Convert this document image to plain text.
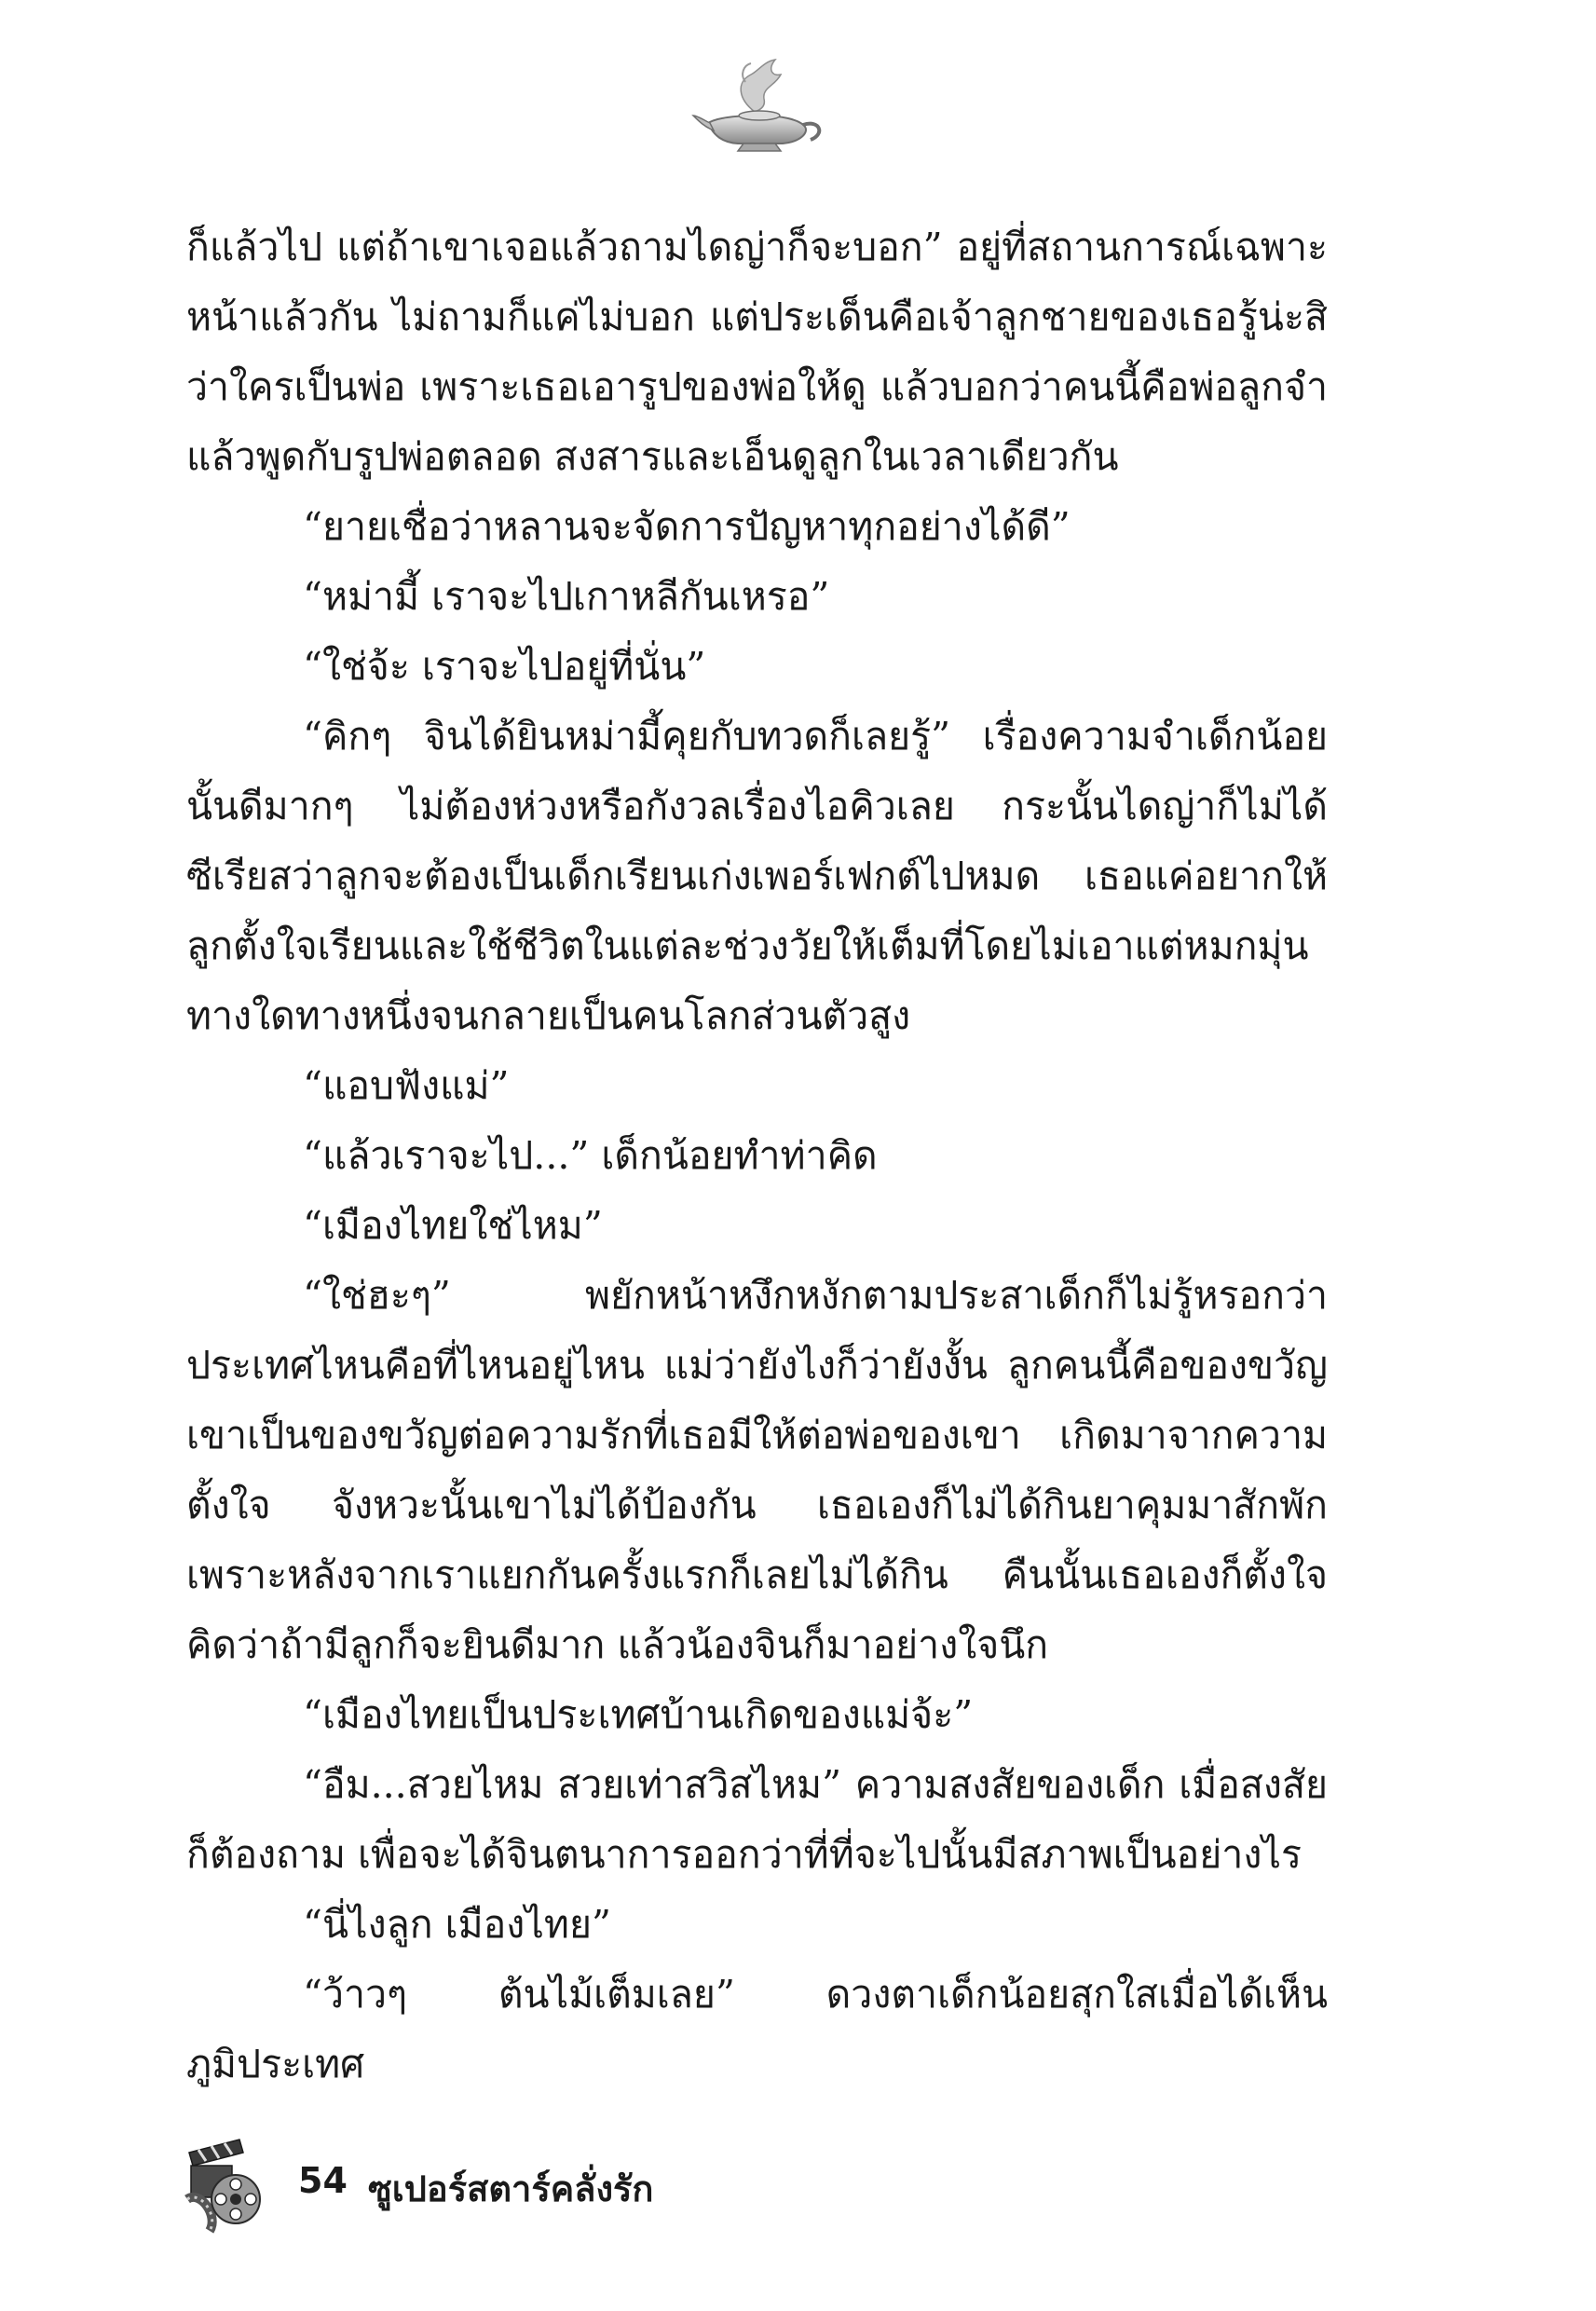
ก็แล้วไป แต่ถ้าเขาเจอแล้วถามไดญ่าก็จะบอก” อยู่ที่สถานการณ์เฉพาะหน้าแล้วกัน ไม่ถามก็แค่ไม่บอก แต่ประเด็นคือเจ้าลูกชายของเธอรู้น่ะสิว่าใครเป็นพ่อ เพราะเธอเอารูปของพ่อให้ดู แล้วบอกว่าคนนี้คือพ่อลูกจำแล้วพูดกับรูปพ่อตลอด สงสารและเอ็นดูลูกในเวลาเดียวกัน

“ยายเชื่อว่าหลานจะจัดการปัญหาทุกอย่างได้ดี”

“หม่ามี้ เราจะไปเกาหลีกันเหรอ”

“ใช่จ้ะ เราจะไปอยู่ที่นั่น”

“คิกๆ จินได้ยินหม่ามี้คุยกับทวดก็เลยรู้” เรื่องความจำเด็กน้อยนั้นดีมากๆ ไม่ต้องห่วงหรือกังวลเรื่องไอคิวเลย กระนั้นไดญ่าก็ไม่ได้ซีเรียสว่าลูกจะต้องเป็นเด็กเรียนเก่งเพอร์เฟกต์ไปหมด เธอแค่อยากให้ลูกตั้งใจเรียนและใช้ชีวิตในแต่ละช่วงวัยให้เต็มที่โดยไม่เอาแต่หมกมุ่นทางใดทางหนึ่งจนกลายเป็นคนโลกส่วนตัวสูง

“แอบฟังแม่”

“แล้วเราจะไป...” เด็กน้อยทำท่าคิด

“เมืองไทยใช่ไหม”

“ใช่ฮะๆ” พยักหน้าหงึกหงักตามประสาเด็กก็ไม่รู้หรอกว่าประเทศไหนคือที่ไหนอยู่ไหน แม่ว่ายังไงก็ว่ายังงั้น ลูกคนนี้คือของขวัญเขาเป็นของขวัญต่อความรักที่เธอมีให้ต่อพ่อของเขา เกิดมาจากความตั้งใจ จังหวะนั้นเขาไม่ได้ป้องกัน เธอเองก็ไม่ได้กินยาคุมมาสักพักเพราะหลังจากเราแยกกันครั้งแรกก็เลยไม่ได้กิน คืนนั้นเธอเองก็ตั้งใจคิดว่าถ้ามีลูกก็จะยินดีมาก แล้วน้องจินก็มาอย่างใจนึก

“เมืองไทยเป็นประเทศบ้านเกิดของแม่จ้ะ”

“อืม...สวยไหม สวยเท่าสวิสไหม” ความสงสัยของเด็ก เมื่อสงสัยก็ต้องถาม เพื่อจะได้จินตนาการออกว่าที่ที่จะไปนั้นมีสภาพเป็นอย่างไร

“นี่ไงลูก เมืองไทย”

“ว้าวๆ ต้นไม้เต็มเลย” ดวงตาเด็กน้อยสุกใสเมื่อได้เห็นภูมิประเทศ

54 ซูเปอร์สตาร์คลั่งรัก
